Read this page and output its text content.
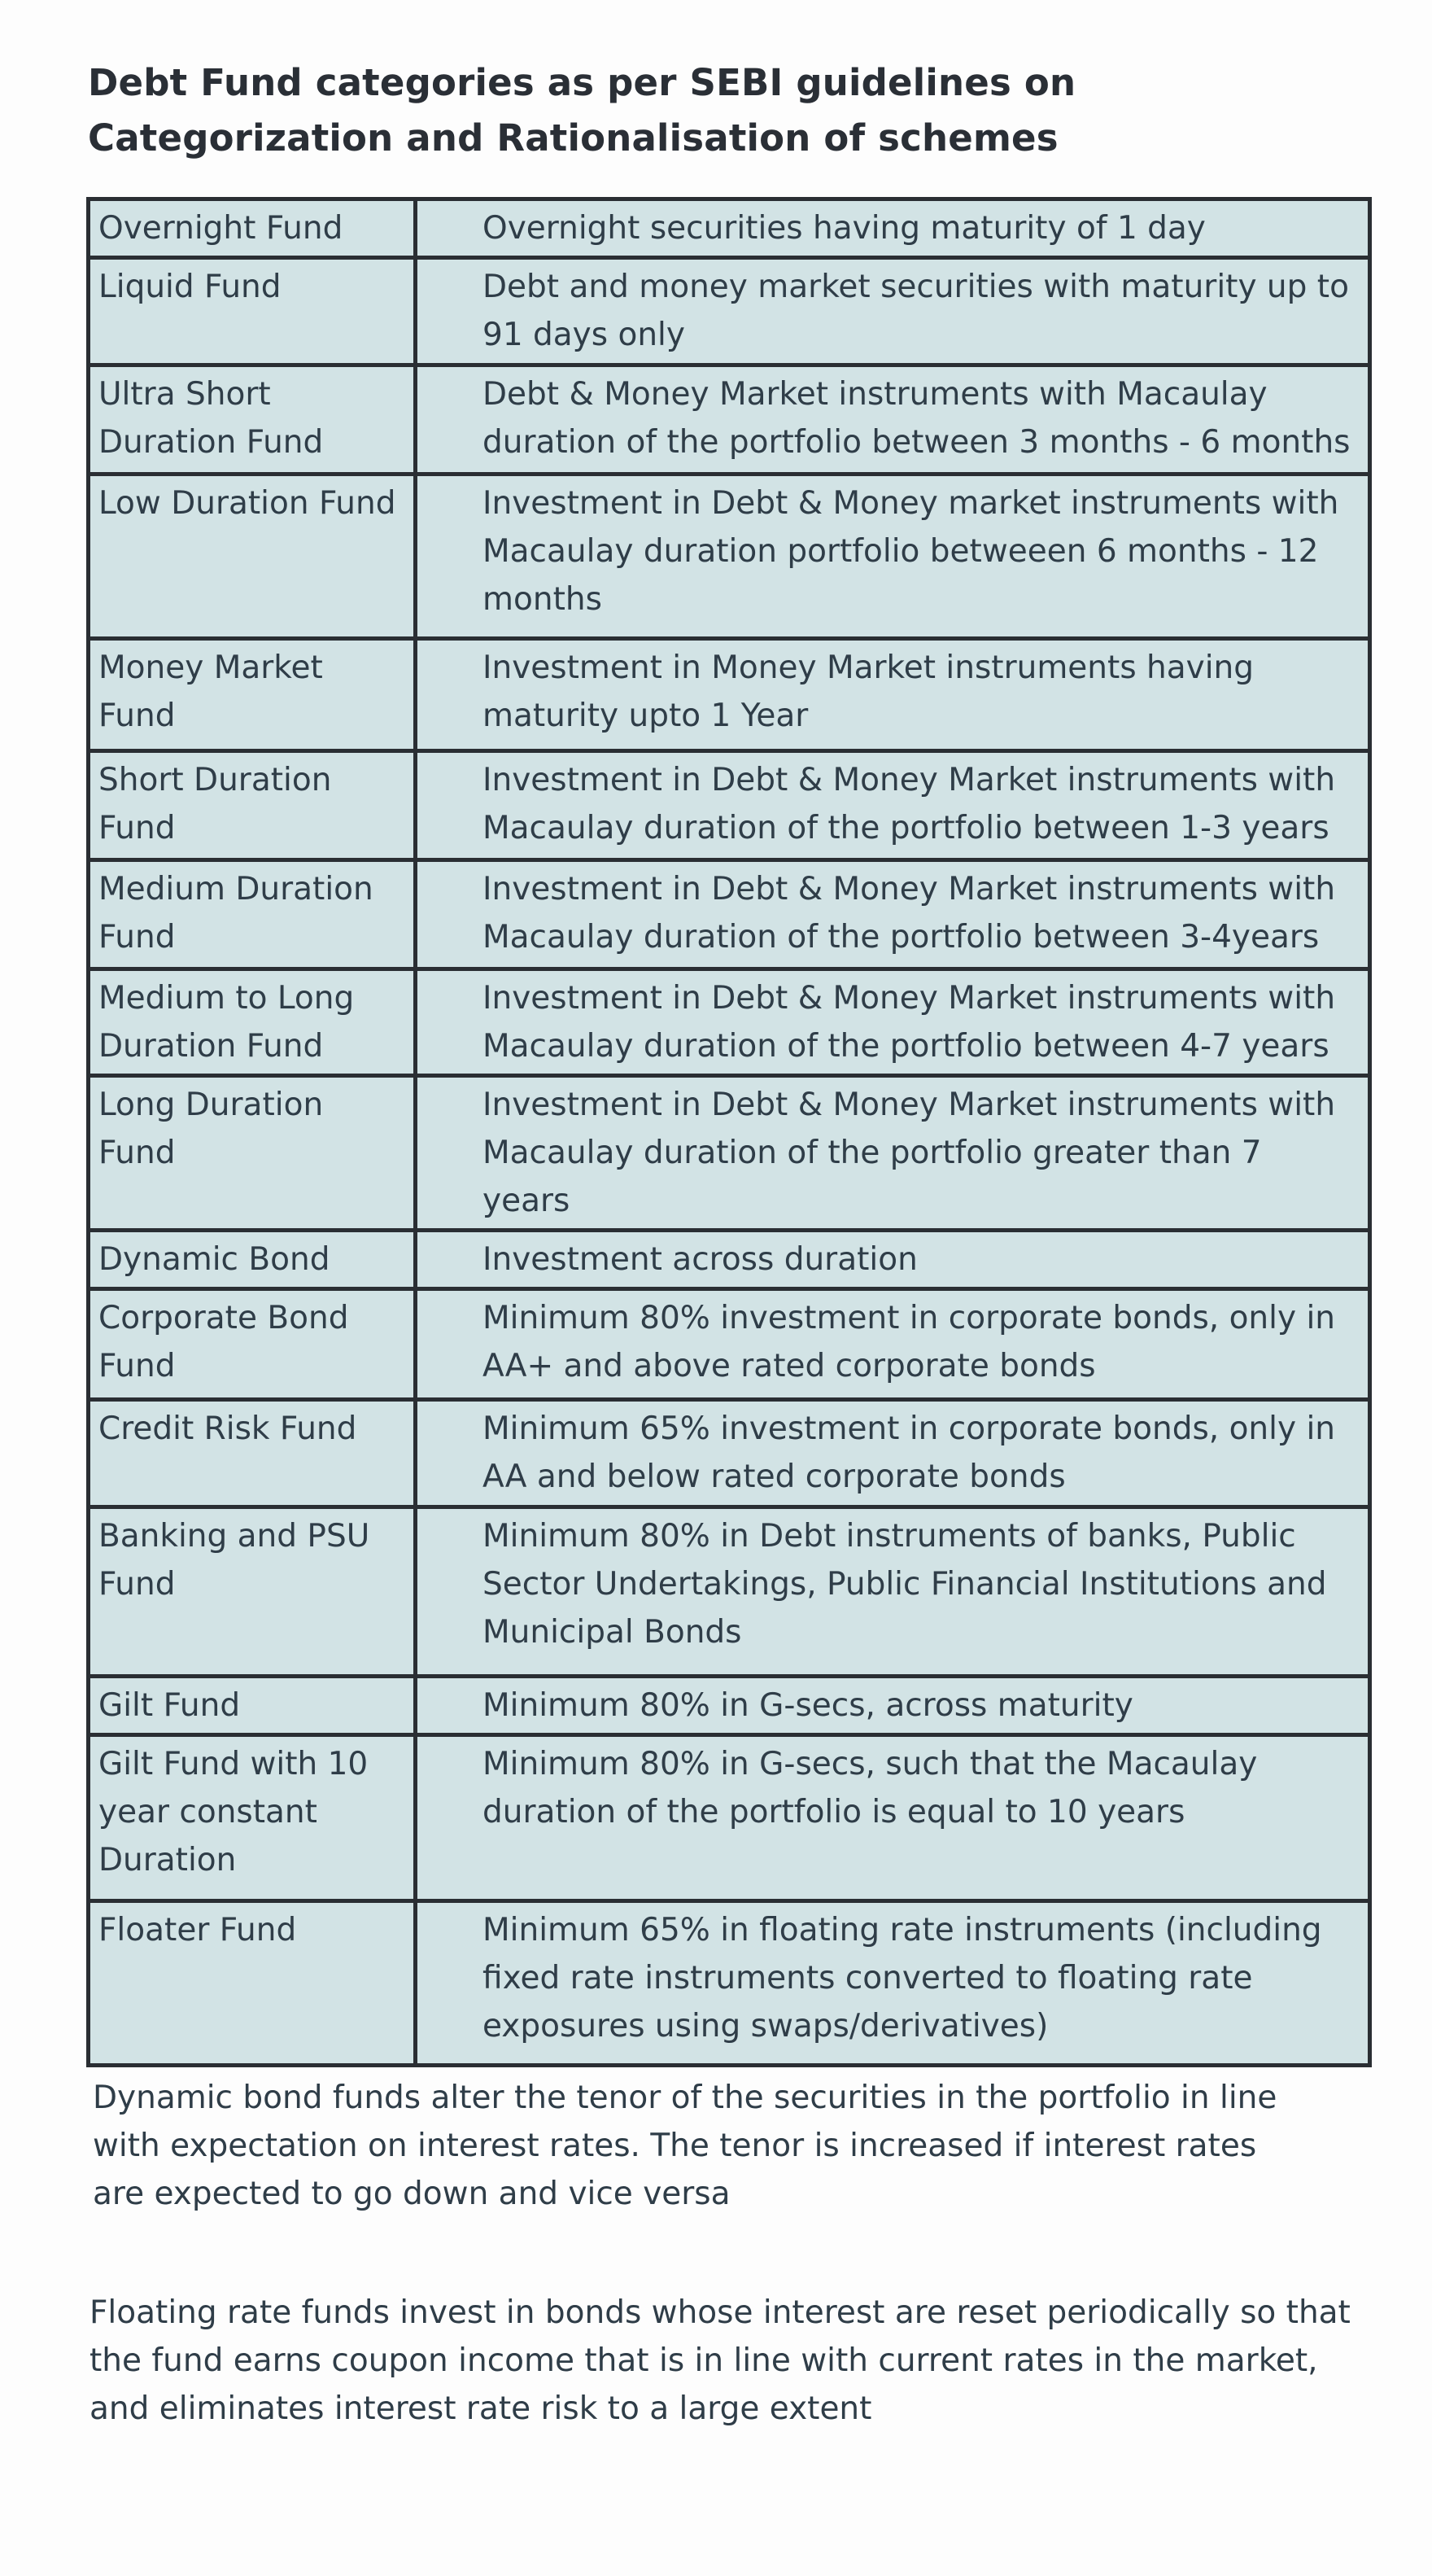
Debt Fund categories as per SEBI guidelines on Categorization and Rationalisation of schemes
Overnight Fund	Overnight securities having maturity of 1 day
Liquid Fund	Debt and money market securities with maturity up to 91 days only
Ultra Short Duration Fund	Debt & Money Market instruments with Macaulay duration of the portfolio between 3 months - 6 months
Low Duration Fund	Investment in Debt & Money market instruments with Macaulay duration portfolio betweeen 6 months - 12 months
Money Market Fund	Investment in Money Market instruments having maturity upto 1 Year
Short Duration Fund	Investment in Debt & Money Market instruments with Macaulay duration of the portfolio between 1-3 years
Medium Duration Fund	Investment in Debt & Money Market instruments with Macaulay duration of the portfolio between 3-4years
Medium to Long Duration Fund	Investment in Debt & Money Market instruments with Macaulay duration of the portfolio between 4-7 years
Long Duration Fund	Investment in Debt & Money Market instruments with Macaulay duration of the portfolio greater than 7 years
Dynamic Bond	Investment across duration
Corporate Bond Fund	Minimum 80% investment in corporate bonds, only in AA+ and above rated corporate bonds
Credit Risk Fund	Minimum 65% investment in corporate bonds, only in AA and below rated corporate bonds
Banking and PSU Fund	Minimum 80% in Debt instruments of banks, Public Sector Undertakings, Public Financial Institutions and Municipal Bonds
Gilt Fund	Minimum 80% in G-secs, across maturity
Gilt Fund with 10 year constant Duration	Minimum 80% in G-secs, such that the Macaulay duration of the portfolio is equal to 10 years
Floater Fund	Minimum 65% in floating rate instruments (including fixed rate instruments converted to floating rate exposures using swaps/derivatives)

Dynamic bond funds alter the tenor of the securities in the portfolio in line with expectation on interest rates. The tenor is increased if interest rates are expected to go down and vice versa

Floating rate funds invest in bonds whose interest are reset periodically so that the fund earns coupon income that is in line with current rates in the market, and eliminates interest rate risk to a large extent
